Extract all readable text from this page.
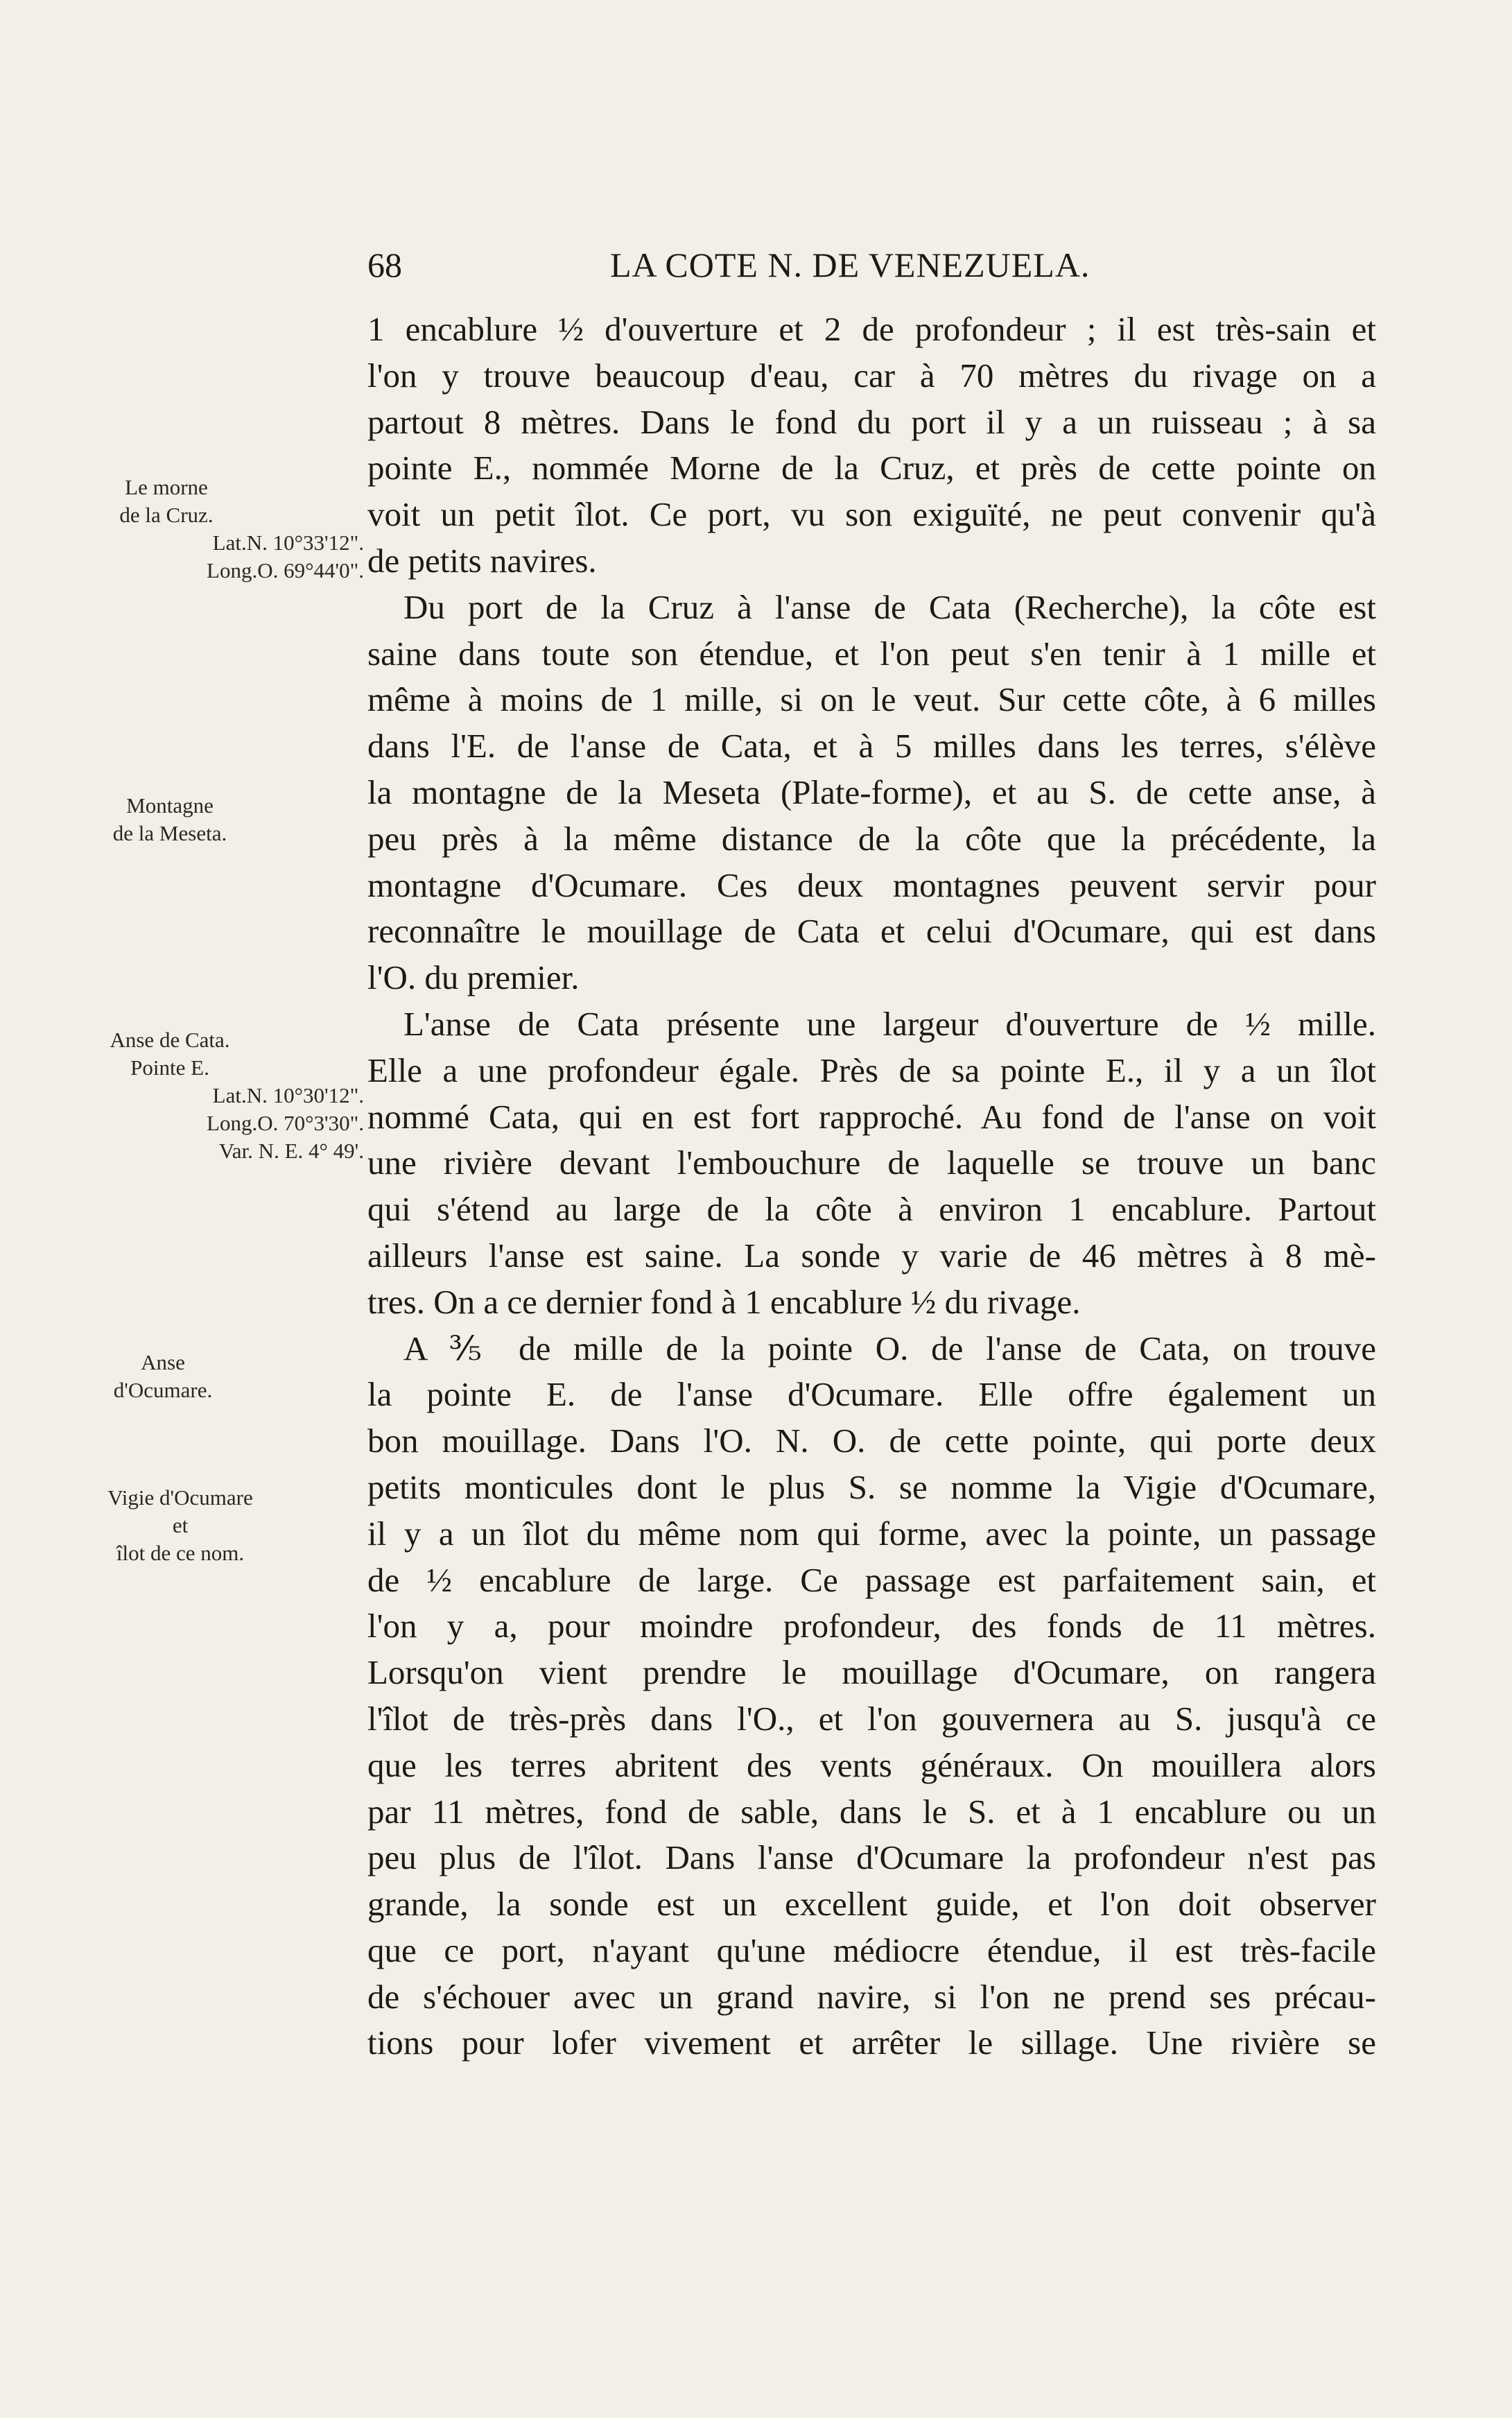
68	LA COTE N. DE VENEZUELA.
Le morne
de la Cruz.
Lat.N. 10°33'12".
Long.O. 69°44'0".
Montagne
de la Meseta.
Anse de Cata.
Pointe E.
Lat.N. 10°30'12".
Long.O. 70°3'30".
Var. N. E. 4° 49'.
Anse
d'Ocumare.
Vigie d'Ocumare
et
îlot de ce nom.
1 encablure ½ d'ouverture et 2 de profondeur ; il est très-sain et
l'on y trouve beaucoup d'eau, car à 70 mètres du rivage on a
partout 8 mètres. Dans le fond du port il y a un ruisseau ; à sa
pointe E., nommée Morne de la Cruz, et près de cette pointe on
voit un petit îlot. Ce port, vu son exiguïté, ne peut convenir qu'à
de petits navires.
Du port de la Cruz à l'anse de Cata (Recherche), la côte est
saine dans toute son étendue, et l'on peut s'en tenir à 1 mille et
même à moins de 1 mille, si on le veut. Sur cette côte, à 6 milles
dans l'E. de l'anse de Cata, et à 5 milles dans les terres, s'élève
la montagne de la Meseta (Plate-forme), et au S. de cette anse, à
peu près à la même distance de la côte que la précédente, la
montagne d'Ocumare. Ces deux montagnes peuvent servir pour
reconnaître le mouillage de Cata et celui d'Ocumare, qui est dans
l'O. du premier.
L'anse de Cata présente une largeur d'ouverture de ½ mille.
Elle a une profondeur égale. Près de sa pointe E., il y a un îlot
nommé Cata, qui en est fort rapproché. Au fond de l'anse on voit
une rivière devant l'embouchure de laquelle se trouve un banc
qui s'étend au large de la côte à environ 1 encablure. Partout
ailleurs l'anse est saine. La sonde y varie de 46 mètres à 8 mè-
tres. On a ce dernier fond à 1 encablure ½ du rivage.
A ⅗ de mille de la pointe O. de l'anse de Cata, on trouve
la pointe E. de l'anse d'Ocumare. Elle offre également un
bon mouillage. Dans l'O. N. O. de cette pointe, qui porte deux
petits monticules dont le plus S. se nomme la Vigie d'Ocumare,
il y a un îlot du même nom qui forme, avec la pointe, un passage
de ½ encablure de large. Ce passage est parfaitement sain, et
l'on y a, pour moindre profondeur, des fonds de 11 mètres.
Lorsqu'on vient prendre le mouillage d'Ocumare, on rangera
l'îlot de très-près dans l'O., et l'on gouvernera au S. jusqu'à ce
que les terres abritent des vents généraux. On mouillera alors
par 11 mètres, fond de sable, dans le S. et à 1 encablure ou un
peu plus de l'îlot. Dans l'anse d'Ocumare la profondeur n'est pas
grande, la sonde est un excellent guide, et l'on doit observer
que ce port, n'ayant qu'une médiocre étendue, il est très-facile
de s'échouer avec un grand navire, si l'on ne prend ses précau-
tions pour lofer vivement et arrêter le sillage. Une rivière se
